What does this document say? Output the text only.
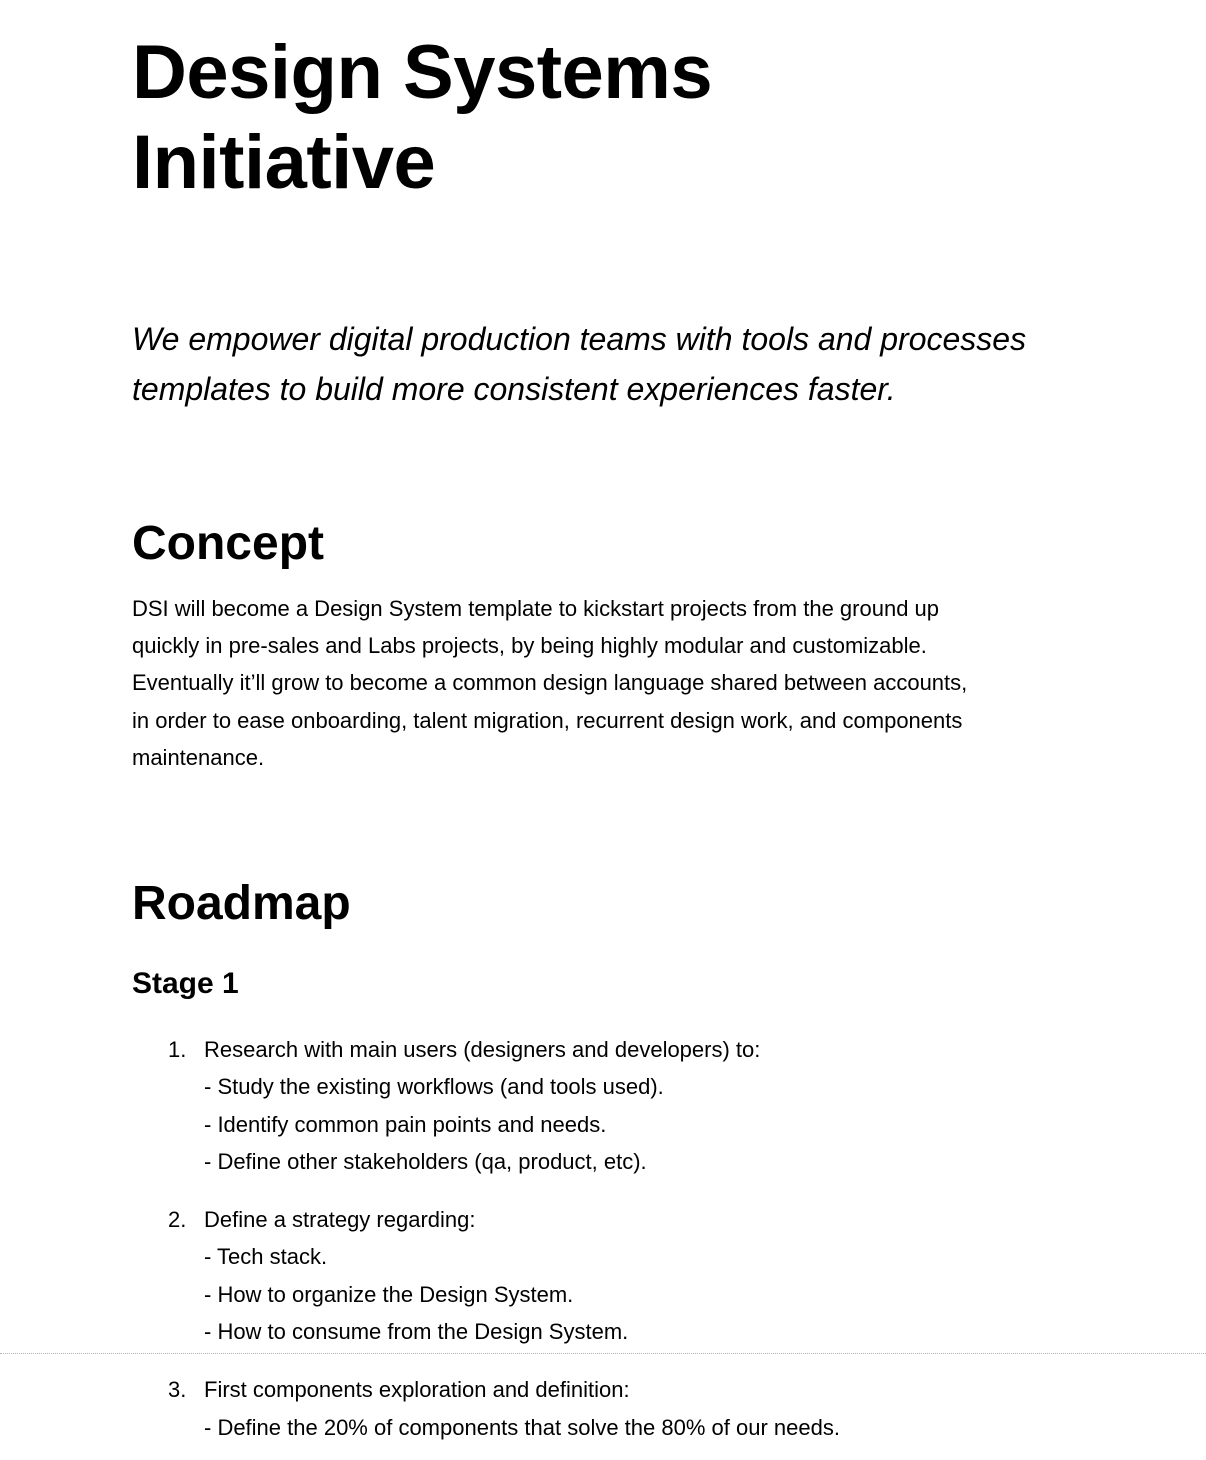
Design Systems
Initiative

We empower digital production teams with tools and processes
templates to build more consistent experiences faster.

Concept

DSI will become a Design System template to kickstart projects from the ground up
quickly in pre-sales and Labs projects, by being highly modular and customizable.
Eventually it’ll grow to become a common design language shared between accounts,
in order to ease onboarding, talent migration, recurrent design work, and components
maintenance.

Roadmap
Stage 1
1. Research with main users (designers and developers) to:
- Study the existing workflows (and tools used).
- Identify common pain points and needs.
- Define other stakeholders (qa, product, etc).
2. Define a strategy regarding:
- Tech stack.
- How to organize the Design System.
- How to consume from the Design System.
3. First components exploration and definition:
- Define the 20% of components that solve the 80% of our needs.
